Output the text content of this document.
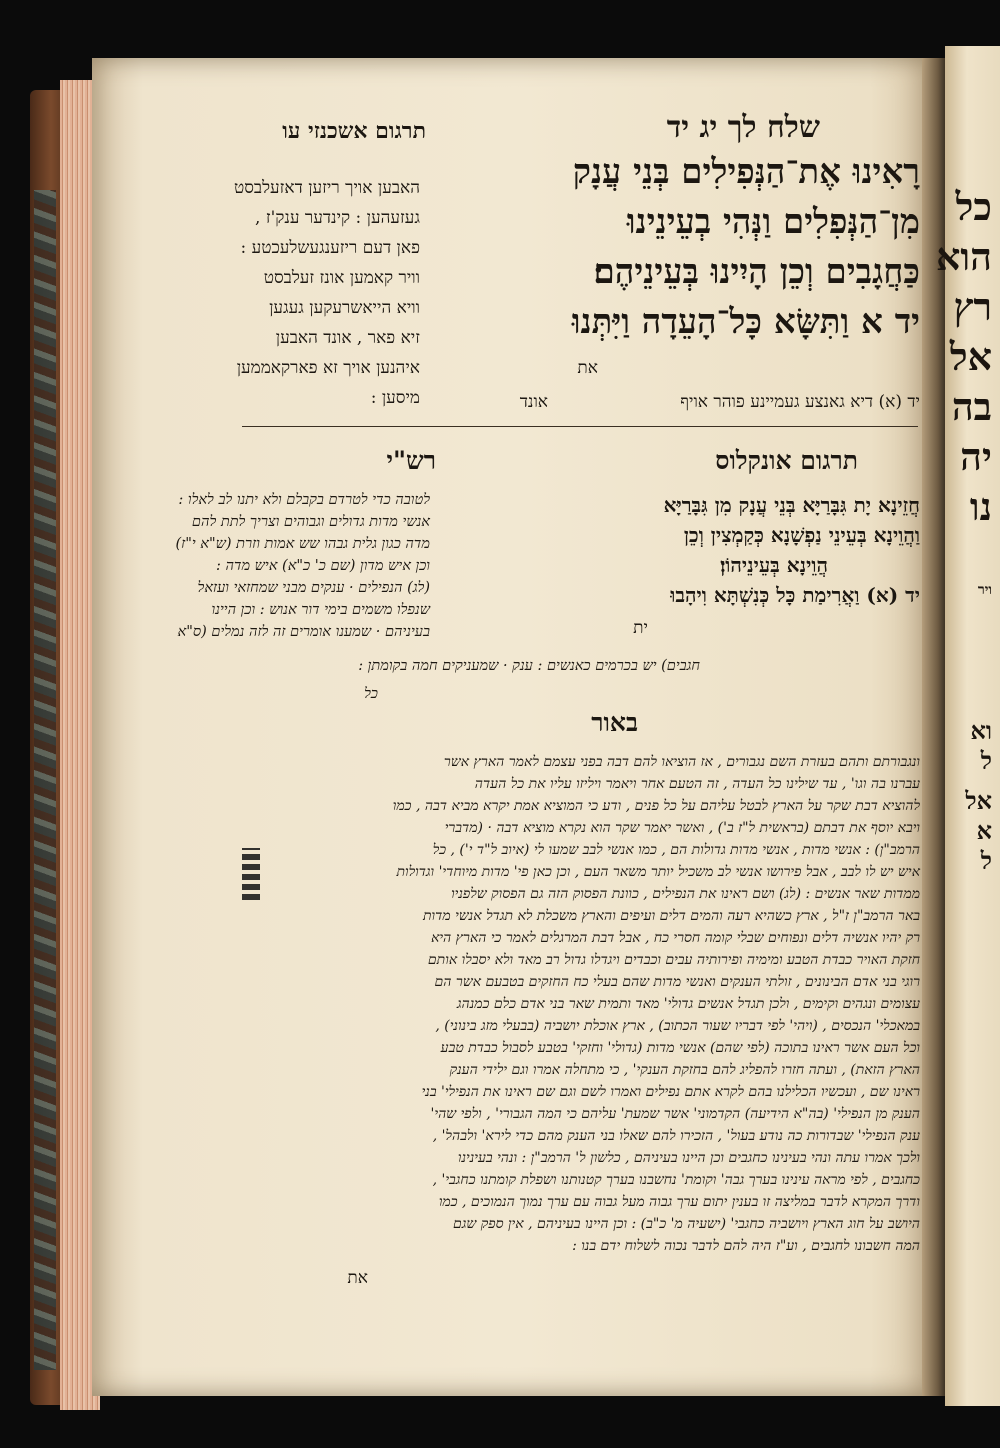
שלח לך יג יד
תרגום אשכנזי עו
רָאִינוּ אֶת־הַנְּפִילִים בְּנֵי עֲנָק
מִן־הַנְּפִלִים וַנְּהִי בְעֵינֵינוּ
כַּחֲגָבִים וְכֵן הָיִינוּ בְּעֵינֵיהֶם׃
יד א וַתִּשָּׂא כָּל־הָעֵדָה וַיִּתְּנוּ
את
האבען אויך ריזען דאזעלבסט
געזעהען : קינדער ענק'ז ,
פאן דעם ריזענגעשלעכטע :
וויר קאמען אונז זעלבסט
וויא הייאשרעקען געגען
זיא פאר , אונד האבען
איהנען אויך זא פארקאממען
מיסען :	יד (א) דיא גאנצע געמיינע פוהר אויף
אונד
תרגום אונקלוס
חֲזֵינָא יָת גִּבָּרַיָּא בְּנֵי עֲנָק מִן גִּבָּרַיָּא
וַהֲוֵינָא בְּעֵינֵי נַפְשָׁנָא כְּקַמְצִין וְכֵן
הֲוֵינָא בְּעֵינֵיהוֹן׃
יד (א) וַאֲרִימַת כָּל כְּנִשְׁתָּא וִיהָבוּ
ית
רש"י
לטובה כדי לטרדם בקבלם ולא יתנו לב לאלו :
אנשי מדות גדולים וגבוהים וצריך לתת להם
מדה כגון גלית גבהו שש אמות וזרת (ש"א י"ז)
וכן איש מדון (שם כ' כ"א) איש מדה :
(לג) הנפילים · ענקים מבני שמחזאי ועזאל
שנפלו משמים בימי דור אנוש : וכן היינו
בעיניהם · שמענו אומרים זה לזה נמלים (ס"א
חגבים) יש בכרמים כאנשים : ענק · שמעניקים חמה בקומתן :
כל
באור
ונגבורתם ותהם בעזרת השם נגבורים , אז הוציאו להם דבה בפני עצמם לאמר הארץ אשר
עברנו בה וגו' , עד שילינו כל העדה , זה הטעם אחר ויאמר ויליזו עליו את כל העדה
להוציא דבת שקר על הארץ לבטל עליהם על כל פנים , ודע כי המוציא אמת יקרא מביא דבה , כמו
ויבא יוסף את דבתם (בראשית ל"ז ב') , ואשר יאמר שקר הוא נקרא מוציא דבה · (מדברי
הרמב"ן) : אנשי מדות , אנשי מדות גדולות הם , כמו אנשי לבב שמעו לי (איוב ל"ד י') , כל
איש יש לו לבב , אבל פירושו אנשי לב משכיל יותר משאר העם , וכן כאן פי' מדות מיוחדי' וגדולות
ממדות שאר אנשים : (לג) ושם ראינו את הנפילים , כוונת הפסוק הזה גם הפסוק שלפניו
באר הרמב"ן ז"ל , ארץ כשהיא רעה והמים דלים ועיפים והארץ משכלת לא תגדל אנשי מדות
רק יהיו אנשיה דלים ונפוחים שבלי קומה חסרי כח , אבל דבת המרגלים לאמר כי הארץ היא
חזקת האויר כבדת הטבע ומימיה ופירותיה עבים וכבדים ויגדלו גדול רב מאד ולא יסבלו אותם
רוגי בני אדם הבינונים , זולתי הענקים ואנשי מדות שהם בעלי כח החזקים בטבעם אשר הם
עצומים ונגהים וקימים , ולכן תגדל אנשים גדולי' מאד ותמית שאר בני אדם כלם כמנהג
במאכלי' הנכסים , (ויהי' לפי דבריו שעור הכתוב) , ארץ אוכלת יושביה (בבעלי מזג בינוני) ,
וכל העם אשר ראינו בתוכה (לפי שהם) אנשי מדות (גדולי' וחזקי' בטבע לסבול כבדת טבע
הארץ הזאת) , ועתה חזרו להפליג להם בחזקת הענקי' , כי מתחלה אמרו וגם ילידי הענק
ראינו שם , ועכשיו הכלילנו בהם לקרא אתם נפילים ואמרו לשם וגם שם ראינו את הנפילי' בני
הענק מן הנפילי' (בה"א הידיעה) הקדמוני' אשר שמעת' עליהם כי המה הגבורי' , ולפי שהי'
ענק הנפילי' שבדורות כה נודע בעול' , הזכירו להם שאלו בני הענק מהם כדי לירא' ולבהל' ,
ולכך אמרו עתה ונהי בעינינו כחגבים וכן היינו בעיניהם , כלשון ל' הרמב"ן : ונהי בעינינו
כחגבים , לפי מראה עינינו בערך גבה' וקומת' נחשבנו בערך קטנותנו ושפלת קומתנו כחגבי' ,
ודרך המקרא לדבר במליצה זו בענין יתום ערך גבוה מעל גבוה עם ערך נמוך הנמוכים , כמו
היושב על חוג הארץ ויושביה כחגבי' (ישעיה מ' כ"ב) : וכן היינו בעיניהם , אין ספק שגם
המה חשבונו לחגבים , וע"ז היה להם לדבר נכוה לשלוח ידם בנו :
את
כל
הוא
רץ
אל
בה
יה
נו
ויר
אל
וא
ל
א
ל
